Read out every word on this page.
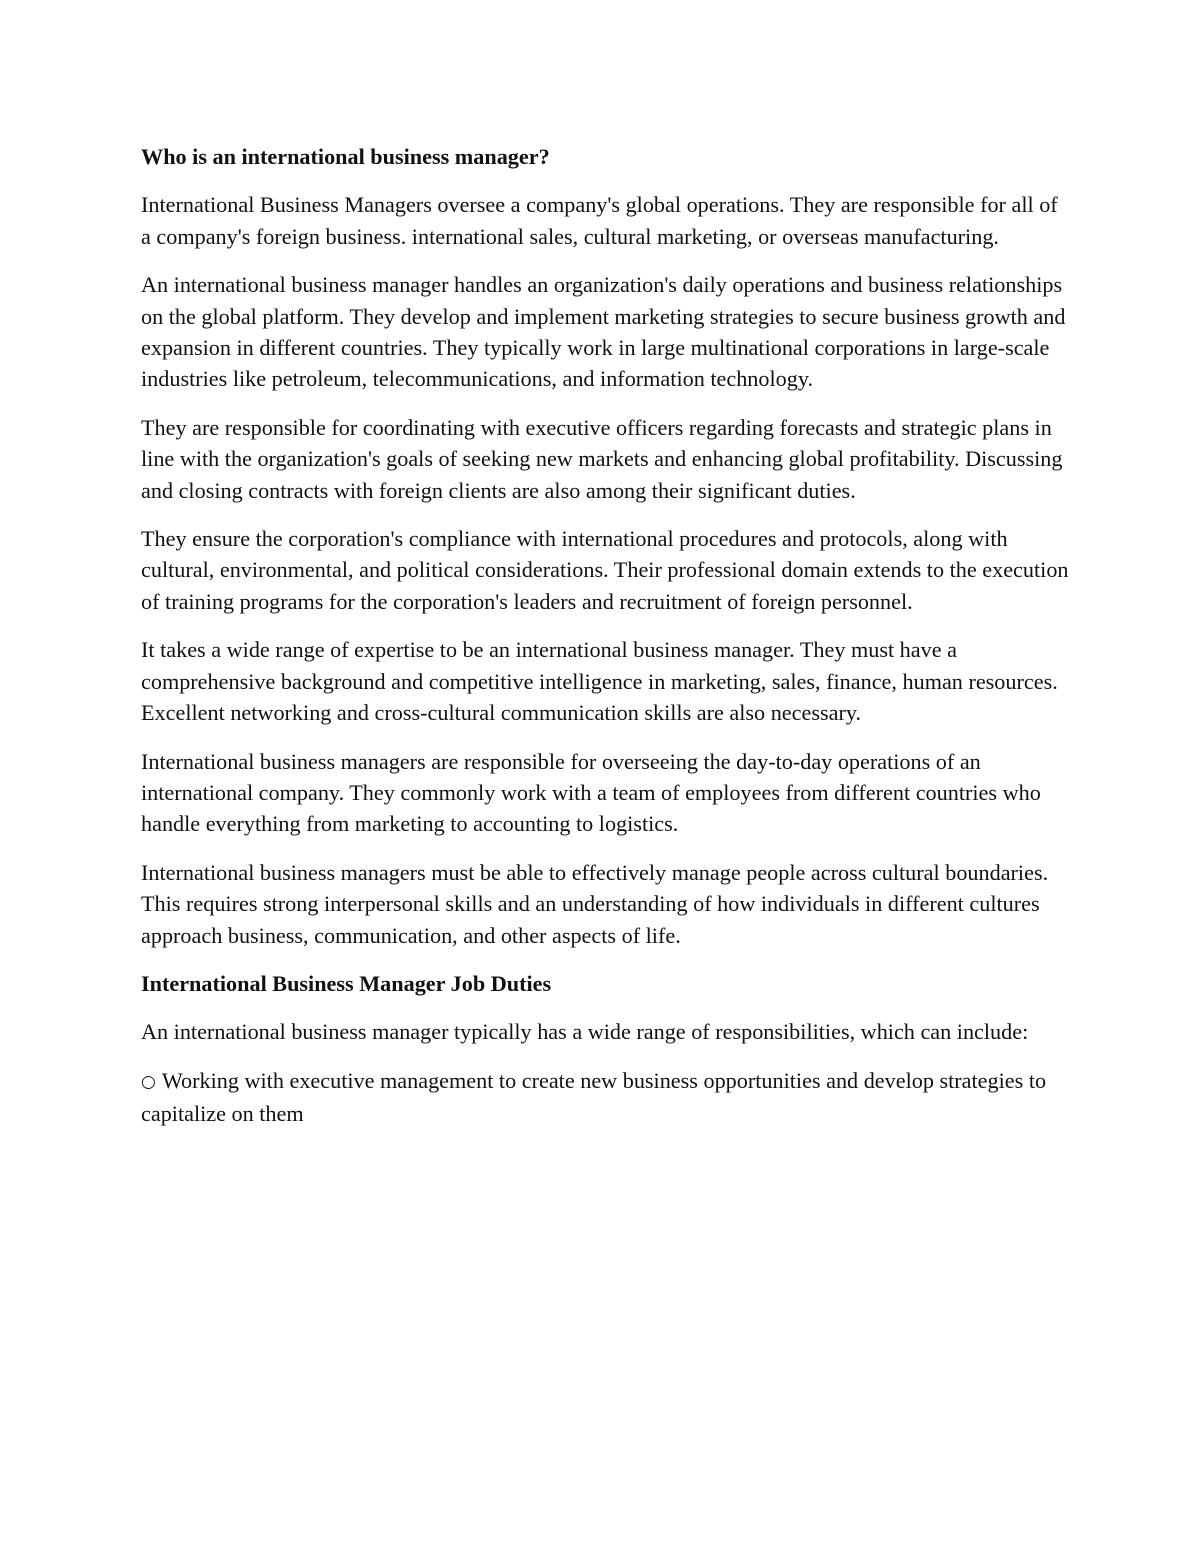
Who is an international business manager?

International Business Managers oversee a company's global operations. They are responsible for all of a company's foreign business. international sales, cultural marketing, or overseas manufacturing.

An international business manager handles an organization's daily operations and business relationships on the global platform. They develop and implement marketing strategies to secure business growth and expansion in different countries. They typically work in large multinational corporations in large-scale industries like petroleum, telecommunications, and information technology.

They are responsible for coordinating with executive officers regarding forecasts and strategic plans in line with the organization's goals of seeking new markets and enhancing global profitability. Discussing and closing contracts with foreign clients are also among their significant duties.

They ensure the corporation's compliance with international procedures and protocols, along with cultural, environmental, and political considerations. Their professional domain extends to the execution of training programs for the corporation's leaders and recruitment of foreign personnel.

It takes a wide range of expertise to be an international business manager. They must have a comprehensive background and competitive intelligence in marketing, sales, finance, human resources. Excellent networking and cross-cultural communication skills are also necessary.

International business managers are responsible for overseeing the day-to-day operations of an international company. They commonly work with a team of employees from different countries who handle everything from marketing to accounting to logistics.

International business managers must be able to effectively manage people across cultural boundaries. This requires strong interpersonal skills and an understanding of how individuals in different cultures approach business, communication, and other aspects of life.

International Business Manager Job Duties

An international business manager typically has a wide range of responsibilities, which can include:

○ Working with executive management to create new business opportunities and develop strategies to capitalize on them
